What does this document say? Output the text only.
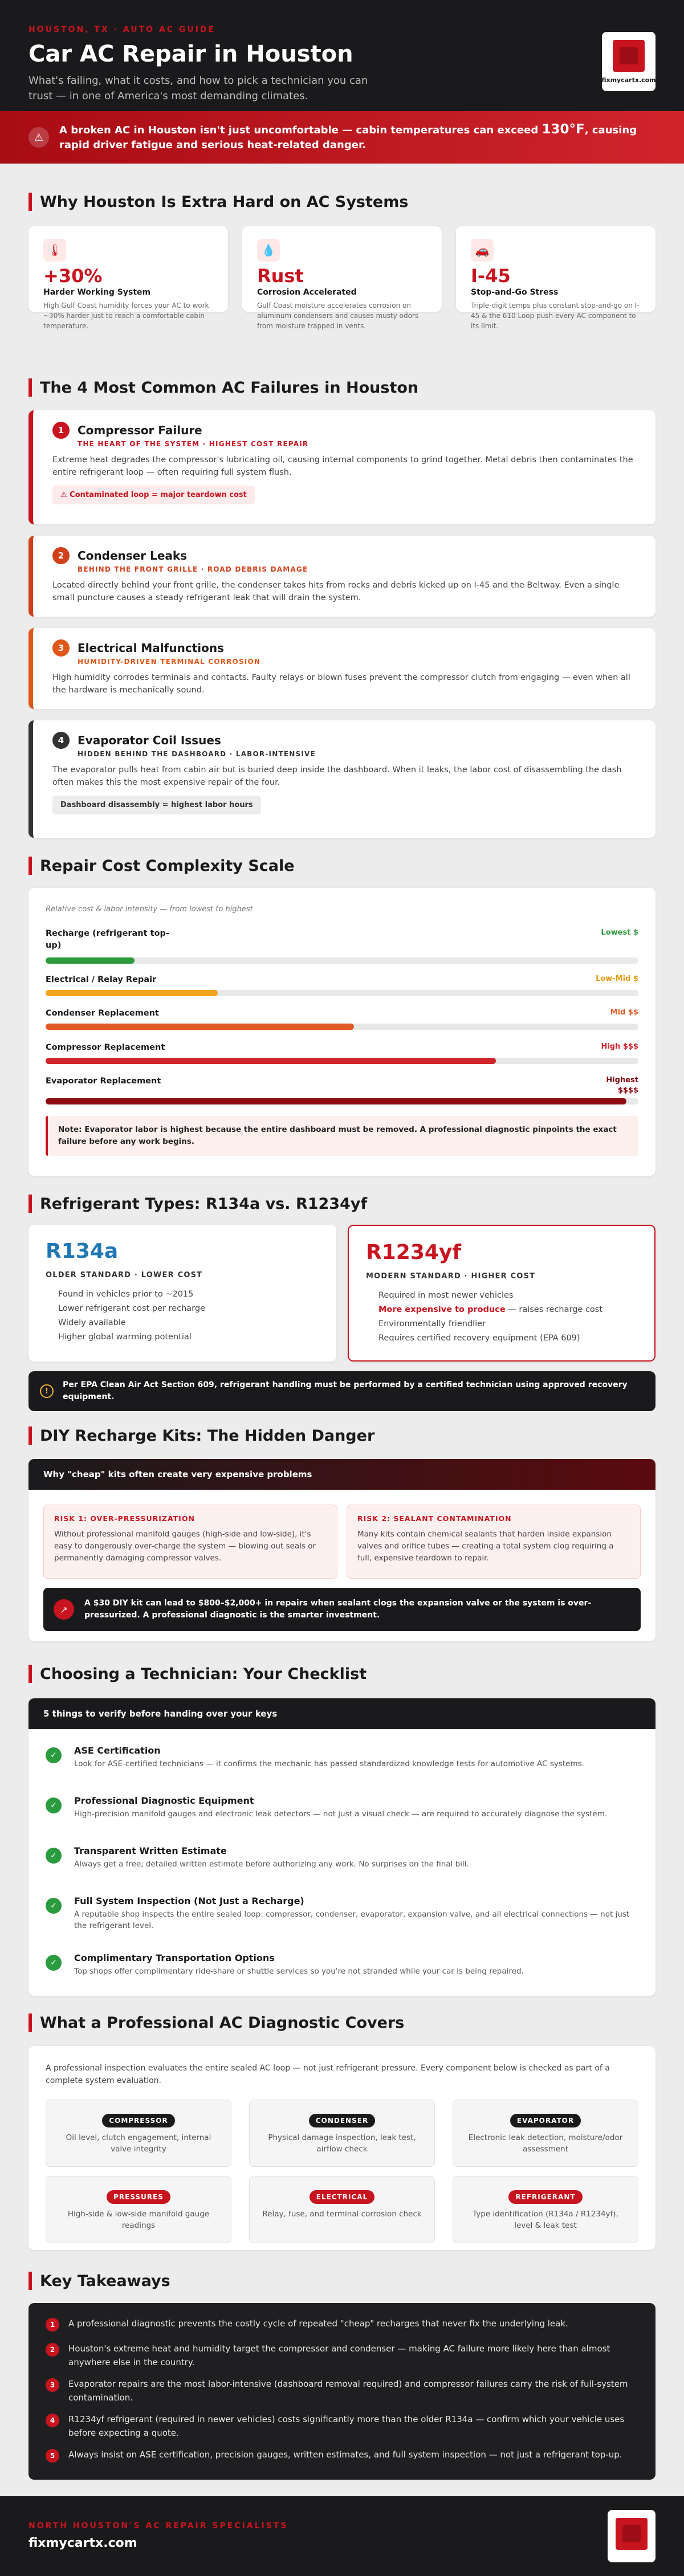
HOUSTON, TX · AUTO AC GUIDE
Car AC Repair in Houston
What's failing, what it costs, and how to pick a technician you can trust — in one of America's most demanding climates.
fixmycartx.com
⚠
A broken AC in Houston isn't just uncomfortable — cabin temperatures can exceed 130°F, causing rapid driver fatigue and serious heat-related danger.
Why Houston Is Extra Hard on AC Systems
🌡
+30%
Harder Working System
High Gulf Coast humidity forces your AC to work ~30% harder just to reach a comfortable cabin temperature.
💧
Rust
Corrosion Accelerated
Gulf Coast moisture accelerates corrosion on aluminum condensers and causes musty odors from moisture trapped in vents.
🚗
I-45
Stop-and-Go Stress
Triple-digit temps plus constant stop-and-go on I-45 & the 610 Loop push every AC component to its limit.
The 4 Most Common AC Failures in Houston
1	Compressor Failure
THE HEART OF THE SYSTEM · HIGHEST COST REPAIR
Extreme heat degrades the compressor's lubricating oil, causing internal components to grind together. Metal debris then contaminates the entire refrigerant loop — often requiring full system flush.
⚠ Contaminated loop = major teardown cost
2	Condenser Leaks
BEHIND THE FRONT GRILLE · ROAD DEBRIS DAMAGE
Located directly behind your front grille, the condenser takes hits from rocks and debris kicked up on I-45 and the Beltway. Even a single small puncture causes a steady refrigerant leak that will drain the system.
3	Electrical Malfunctions
HUMIDITY-DRIVEN TERMINAL CORROSION
High humidity corrodes terminals and contacts. Faulty relays or blown fuses prevent the compressor clutch from engaging — even when all the hardware is mechanically sound.
4	Evaporator Coil Issues
HIDDEN BEHIND THE DASHBOARD · LABOR-INTENSIVE
The evaporator pulls heat from cabin air but is buried deep inside the dashboard. When it leaks, the labor cost of disassembling the dash often makes this the most expensive repair of the four.
Dashboard disassembly = highest labor hours
Repair Cost Complexity Scale
Relative cost & labor intensity — from lowest to highest
Recharge (refrigerant top-up)
Lowest $
Electrical / Relay Repair	Low-Mid $
Condenser Replacement	Mid $$
Compressor Replacement	High $$$
Evaporator Replacement	Highest $$$$
Note: Evaporator labor is highest because the entire dashboard must be removed. A professional diagnostic pinpoints the exact failure before any work begins.
Refrigerant Types: R134a vs. R1234yf
R134a
OLDER STANDARD · LOWER COST
Found in vehicles prior to ~2015
Lower refrigerant cost per recharge
Widely available
Higher global warming potential
R1234yf
MODERN STANDARD · HIGHER COST
Required in most newer vehicles
More expensive to produce — raises recharge cost
Environmentally friendlier
Requires certified recovery equipment (EPA 609)
!
Per EPA Clean Air Act Section 609, refrigerant handling must be performed by a certified technician using approved recovery equipment.
DIY Recharge Kits: The Hidden Danger
Why "cheap" kits often create very expensive problems
RISK 1: OVER-PRESSURIZATION
Without professional manifold gauges (high-side and low-side), it's easy to dangerously over-charge the system — blowing out seals or permanently damaging compressor valves.
RISK 2: SEALANT CONTAMINATION
Many kits contain chemical sealants that harden inside expansion valves and orifice tubes — creating a total system clog requiring a full, expensive teardown to repair.
↗
A $30 DIY kit can lead to $800–$2,000+ in repairs when sealant clogs the expansion valve or the system is over-pressurized. A professional diagnostic is the smarter investment.
Choosing a Technician: Your Checklist
5 things to verify before handing over your keys
✓	ASE Certification
Look for ASE-certified technicians — it confirms the mechanic has passed standardized knowledge tests for automotive AC systems.
✓	Professional Diagnostic Equipment
High-precision manifold gauges and electronic leak detectors — not just a visual check — are required to accurately diagnose the system.
✓	Transparent Written Estimate
Always get a free, detailed written estimate before authorizing any work. No surprises on the final bill.
✓	Full System Inspection (Not Just a Recharge)
A reputable shop inspects the entire sealed loop: compressor, condenser, evaporator, expansion valve, and all electrical connections — not just the refrigerant level.
✓	Complimentary Transportation Options
Top shops offer complimentary ride-share or shuttle services so you're not stranded while your car is being repaired.
What a Professional AC Diagnostic Covers
A professional inspection evaluates the entire sealed AC loop — not just refrigerant pressure. Every component below is checked as part of a complete system evaluation.
COMPRESSOR
Oil level, clutch engagement, internal valve integrity
CONDENSER
Physical damage inspection, leak test, airflow check
EVAPORATOR
Electronic leak detection, moisture/odor assessment
PRESSURES
High-side & low-side manifold gauge readings
ELECTRICAL
Relay, fuse, and terminal corrosion check
REFRIGERANT
Type identification (R134a / R1234yf), level & leak test
Key Takeaways
1	A professional diagnostic prevents the costly cycle of repeated "cheap" recharges that never fix the underlying leak.
2	Houston's extreme heat and humidity target the compressor and condenser — making AC failure more likely here than almost anywhere else in the country.
3	Evaporator repairs are the most labor-intensive (dashboard removal required) and compressor failures carry the risk of full-system contamination.
4	R1234yf refrigerant (required in newer vehicles) costs significantly more than the older R134a — confirm which your vehicle uses before expecting a quote.
5	Always insist on ASE certification, precision gauges, written estimates, and full system inspection — not just a refrigerant top-up.
NORTH HOUSTON'S AC REPAIR SPECIALISTS
fixmycartx.com
